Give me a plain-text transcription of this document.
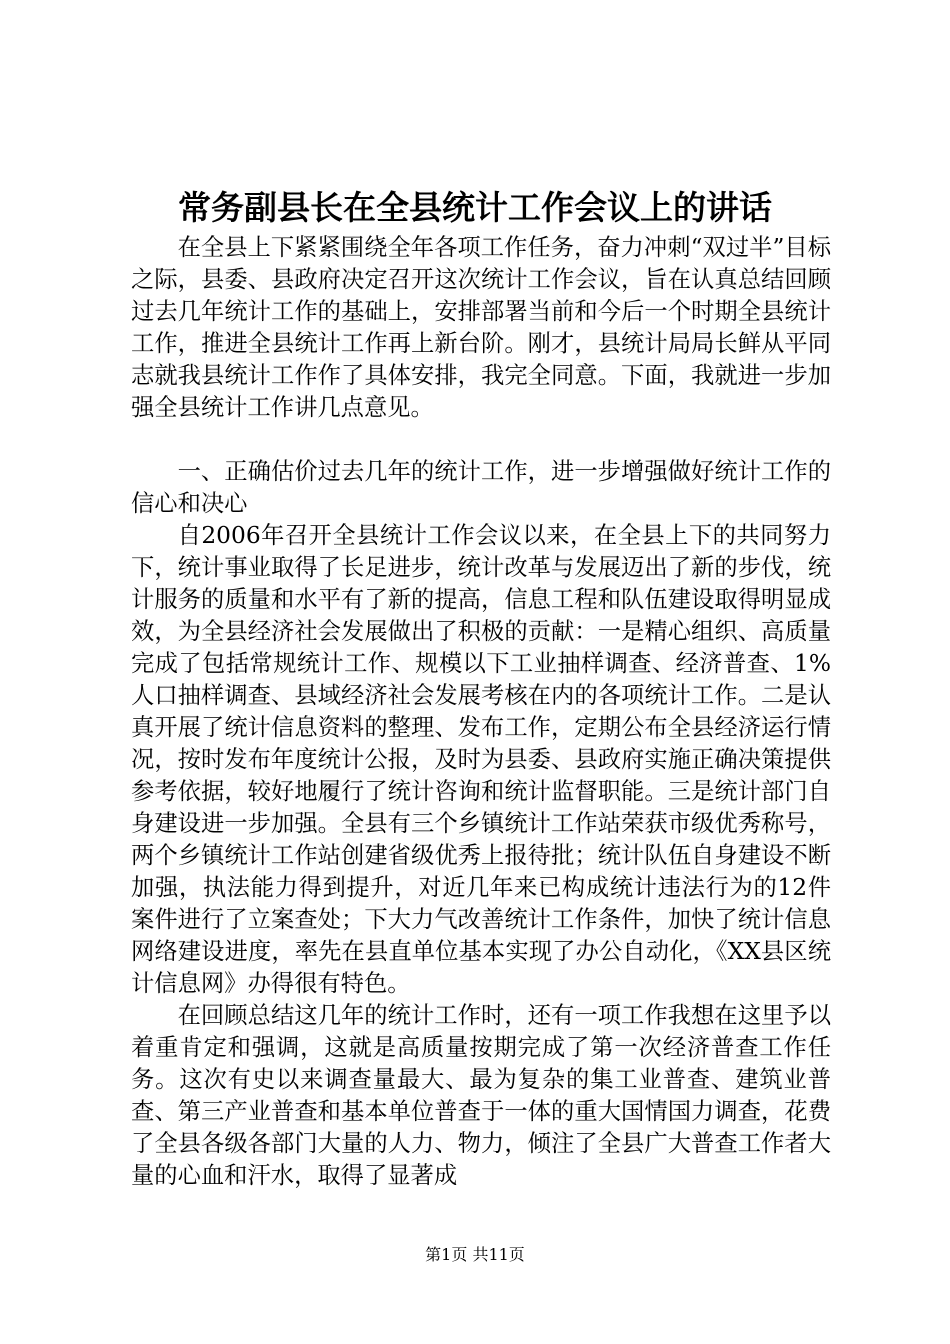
常务副县长在全县统计工作会议上的讲话

在全县上下紧紧围绕全年各项工作任务，奋力冲刺“双过半”目标之际，县委、县政府决定召开这次统计工作会议，旨在认真总结回顾过去几年统计工作的基础上，安排部署当前和今后一个时期全县统计工作，推进全县统计工作再上新台阶。刚才，县统计局局长鲜从平同志就我县统计工作作了具体安排，我完全同意。下面，我就进一步加强全县统计工作讲几点意见。

一、正确估价过去几年的统计工作，进一步增强做好统计工作的信心和决心

自2006年召开全县统计工作会议以来，在全县上下的共同努力下，统计事业取得了长足进步，统计改革与发展迈出了新的步伐，统计服务的质量和水平有了新的提高，信息工程和队伍建设取得明显成效，为全县经济社会发展做出了积极的贡献：一是精心组织、高质量完成了包括常规统计工作、规模以下工业抽样调查、经济普查、1%人口抽样调查、县域经济社会发展考核在内的各项统计工作。二是认真开展了统计信息资料的整理、发布工作，定期公布全县经济运行情况，按时发布年度统计公报，及时为县委、县政府实施正确决策提供参考依据，较好地履行了统计咨询和统计监督职能。三是统计部门自身建设进一步加强。全县有三个乡镇统计工作站荣获市级优秀称号，两个乡镇统计工作站创建省级优秀上报待批；统计队伍自身建设不断加强，执法能力得到提升，对近几年来已构成统计违法行为的12件案件进行了立案查处；下大力气改善统计工作条件，加快了统计信息网络建设进度，率先在县直单位基本实现了办公自动化，《XX县区统计信息网》办得很有特色。

在回顾总结这几年的统计工作时，还有一项工作我想在这里予以着重肯定和强调，这就是高质量按期完成了第一次经济普查工作任务。这次有史以来调查量最大、最为复杂的集工业普查、建筑业普查、第三产业普查和基本单位普查于一体的重大国情国力调查，花费了全县各级各部门大量的人力、物力，倾注了全县广大普查工作者大量的心血和汗水，取得了显著成

第1页 共11页
